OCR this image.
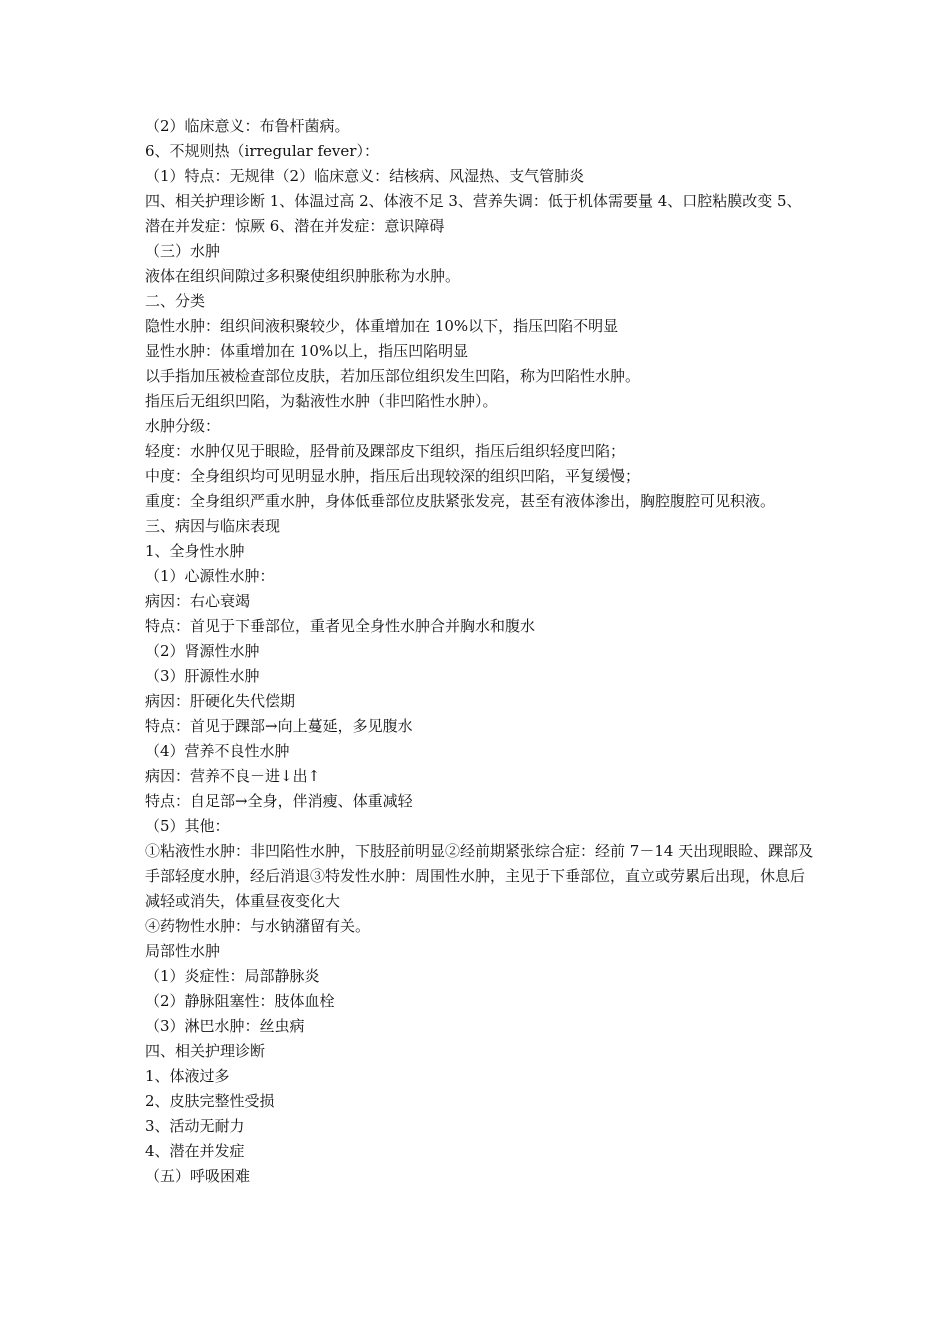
（2）临床意义：布鲁杆菌病。

6、不规则热（irregular fever）：

（1）特点：无规律（2）临床意义：结核病、风湿热、支气管肺炎

四、相关护理诊断 1、体温过高 2、体液不足 3、营养失调：低于机体需要量 4、口腔粘膜改变 5、潜在并发症：惊厥 6、潜在并发症：意识障碍

（三）水肿

液体在组织间隙过多积聚使组织肿胀称为水肿。

二、分类

隐性水肿：组织间液积聚较少，体重增加在 10%以下，指压凹陷不明显

显性水肿：体重增加在 10%以上，指压凹陷明显

以手指加压被检查部位皮肤，若加压部位组织发生凹陷，称为凹陷性水肿。

指压后无组织凹陷，为黏液性水肿（非凹陷性水肿）。

水肿分级：

轻度：水肿仅见于眼睑，胫骨前及踝部皮下组织，指压后组织轻度凹陷；

中度：全身组织均可见明显水肿，指压后出现较深的组织凹陷，平复缓慢；

重度：全身组织严重水肿，身体低垂部位皮肤紧张发亮，甚至有液体渗出，胸腔腹腔可见积液。

三、病因与临床表现

1、全身性水肿

（1）心源性水肿：

病因：右心衰竭

特点：首见于下垂部位，重者见全身性水肿合并胸水和腹水

（2）肾源性水肿

（3）肝源性水肿

病因：肝硬化失代偿期

特点：首见于踝部→向上蔓延，多见腹水

（4）营养不良性水肿

病因：营养不良－进↓出↑

特点：自足部→全身，伴消瘦、体重减轻

（5）其他：

①粘液性水肿：非凹陷性水肿，下肢胫前明显②经前期紧张综合症：经前 7－14 天出现眼睑、踝部及手部轻度水肿，经后消退③特发性水肿：周围性水肿，主见于下垂部位，直立或劳累后出现，休息后减轻或消失，体重昼夜变化大

④药物性水肿：与水钠潴留有关。

局部性水肿

（1）炎症性：局部静脉炎

（2）静脉阻塞性：肢体血栓

（3）淋巴水肿：丝虫病

四、相关护理诊断

1、体液过多

2、皮肤完整性受损

3、活动无耐力

4、潜在并发症

（五）呼吸困难
